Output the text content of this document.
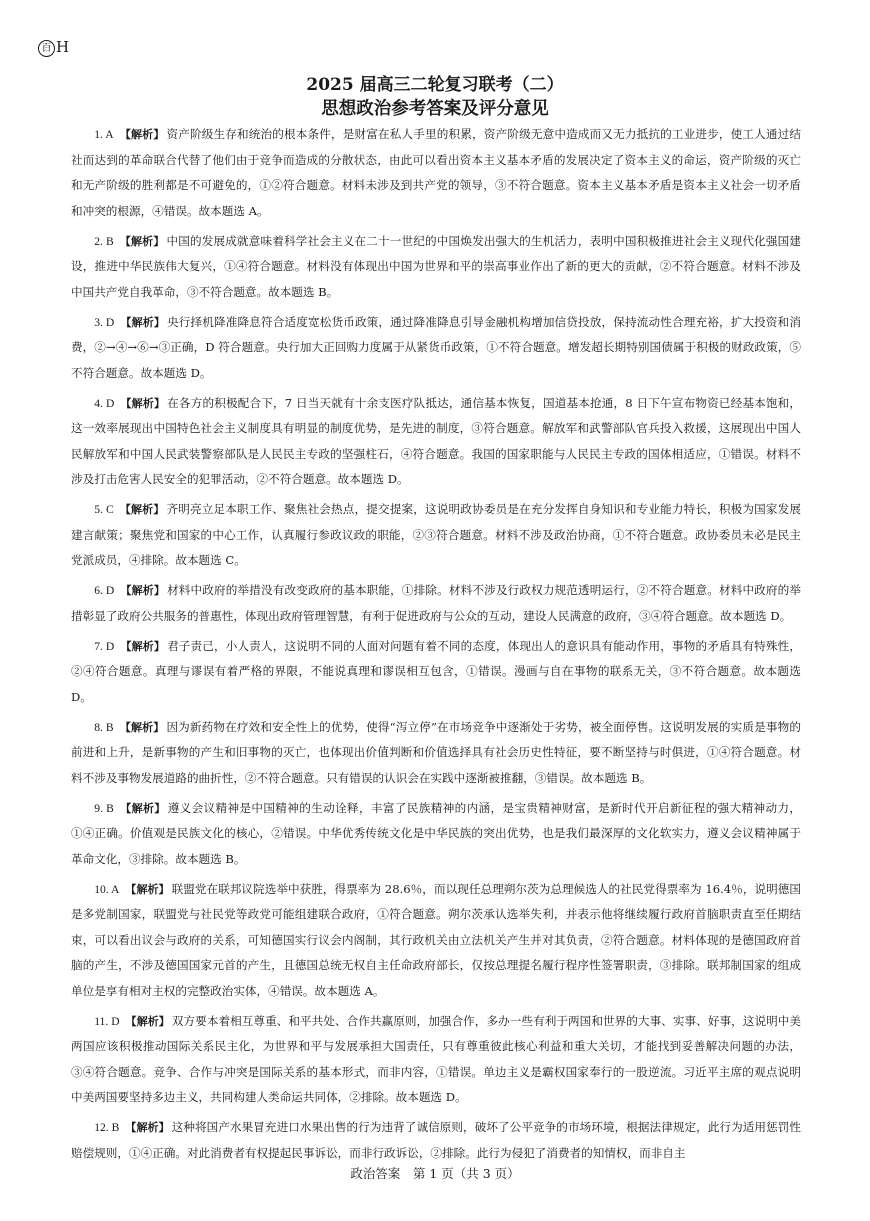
百 H
2025 届高三二轮复习联考（二）
思想政治参考答案及评分意见

1. A 【解析】 资产阶级生存和统治的根本条件，是财富在私人手里的积累，资产阶级无意中造成而又无力抵抗的工业进步，使工人通过结社而达到的革命联合代替了他们由于竞争而造成的分散状态，由此可以看出资本主义基本矛盾的发展决定了资本主义的命运，资产阶级的灭亡和无产阶级的胜利都是不可避免的，①②符合题意。材料未涉及到共产党的领导，③不符合题意。资本主义基本矛盾是资本主义社会一切矛盾和冲突的根源，④错误。故本题选 A。

2. B 【解析】 中国的发展成就意味着科学社会主义在二十一世纪的中国焕发出强大的生机活力，表明中国积极推进社会主义现代化强国建设，推进中华民族伟大复兴，①④符合题意。材料没有体现出中国为世界和平的崇高事业作出了新的更大的贡献，②不符合题意。材料不涉及中国共产党自我革命，③不符合题意。故本题选 B。

3. D 【解析】 央行择机降准降息符合适度宽松货币政策，通过降准降息引导金融机构增加信贷投放，保持流动性合理充裕，扩大投资和消费，②→④→⑥→③正确，D 符合题意。央行加大正回购力度属于从紧货币政策，①不符合题意。增发超长期特别国债属于积极的财政政策，⑤不符合题意。故本题选 D。

4. D 【解析】 在各方的积极配合下，7 日当天就有十余支医疗队抵达，通信基本恢复，国道基本抢通，8 日下午宣布物资已经基本饱和，这一效率展现出中国特色社会主义制度具有明显的制度优势，是先进的制度，③符合题意。解放军和武警部队官兵投入救援，这展现出中国人民解放军和中国人民武装警察部队是人民民主专政的坚强柱石，④符合题意。我国的国家职能与人民民主专政的国体相适应，①错误。材料不涉及打击危害人民安全的犯罪活动，②不符合题意。故本题选 D。

5. C 【解析】 齐明亮立足本职工作、聚焦社会热点，提交提案，这说明政协委员是在充分发挥自身知识和专业能力特长，积极为国家发展建言献策；聚焦党和国家的中心工作，认真履行参政议政的职能，②③符合题意。材料不涉及政治协商，①不符合题意。政协委员未必是民主党派成员，④排除。故本题选 C。

6. D 【解析】 材料中政府的举措没有改变政府的基本职能，①排除。材料不涉及行政权力规范透明运行，②不符合题意。材料中政府的举措彰显了政府公共服务的普惠性，体现出政府管理智慧，有利于促进政府与公众的互动，建设人民满意的政府，③④符合题意。故本题选 D。

7. D 【解析】 君子责己，小人责人，这说明不同的人面对问题有着不同的态度，体现出人的意识具有能动作用，事物的矛盾具有特殊性，②④符合题意。真理与谬误有着严格的界限，不能说真理和谬误相互包含，①错误。漫画与自在事物的联系无关，③不符合题意。故本题选 D。

8. B 【解析】 因为新药物在疗效和安全性上的优势，使得“泻立停”在市场竞争中逐渐处于劣势，被全面停售。这说明发展的实质是事物的前进和上升，是新事物的产生和旧事物的灭亡，也体现出价值判断和价值选择具有社会历史性特征，要不断坚持与时俱进，①④符合题意。材料不涉及事物发展道路的曲折性，②不符合题意。只有错误的认识会在实践中逐渐被推翻，③错误。故本题选 B。

9. B 【解析】 遵义会议精神是中国精神的生动诠释，丰富了民族精神的内涵，是宝贵精神财富，是新时代开启新征程的强大精神动力，①④正确。价值观是民族文化的核心，②错误。中华优秀传统文化是中华民族的突出优势，也是我们最深厚的文化软实力，遵义会议精神属于革命文化，③排除。故本题选 B。

10. A 【解析】 联盟党在联邦议院选举中获胜，得票率为 28.6％，而以现任总理朔尔茨为总理候选人的社民党得票率为 16.4％，说明德国是多党制国家，联盟党与社民党等政党可能组建联合政府，①符合题意。朔尔茨承认选举失利，并表示他将继续履行政府首脑职责直至任期结束，可以看出议会与政府的关系，可知德国实行议会内阁制，其行政机关由立法机关产生并对其负责，②符合题意。材料体现的是德国政府首脑的产生，不涉及德国国家元首的产生，且德国总统无权自主任命政府部长，仅按总理提名履行程序性签署职责，③排除。联邦制国家的组成单位是享有相对主权的完整政治实体，④错误。故本题选 A。

11. D 【解析】 双方要本着相互尊重、和平共处、合作共赢原则，加强合作，多办一些有利于两国和世界的大事、实事、好事，这说明中美两国应该积极推动国际关系民主化，为世界和平与发展承担大国责任，只有尊重彼此核心利益和重大关切，才能找到妥善解决问题的办法，③④符合题意。竞争、合作与冲突是国际关系的基本形式，而非内容，①错误。单边主义是霸权国家奉行的一股逆流。习近平主席的观点说明中美两国要坚持多边主义，共同构建人类命运共同体，②排除。故本题选 D。

12. B 【解析】 这种将国产水果冒充进口水果出售的行为违背了诚信原则，破坏了公平竞争的市场环境，根据法律规定，此行为适用惩罚性赔偿规则，①④正确。对此消费者有权提起民事诉讼，而非行政诉讼，②排除。此行为侵犯了消费者的知情权，而非自主

政治答案　第 1 页（共 3 页）
